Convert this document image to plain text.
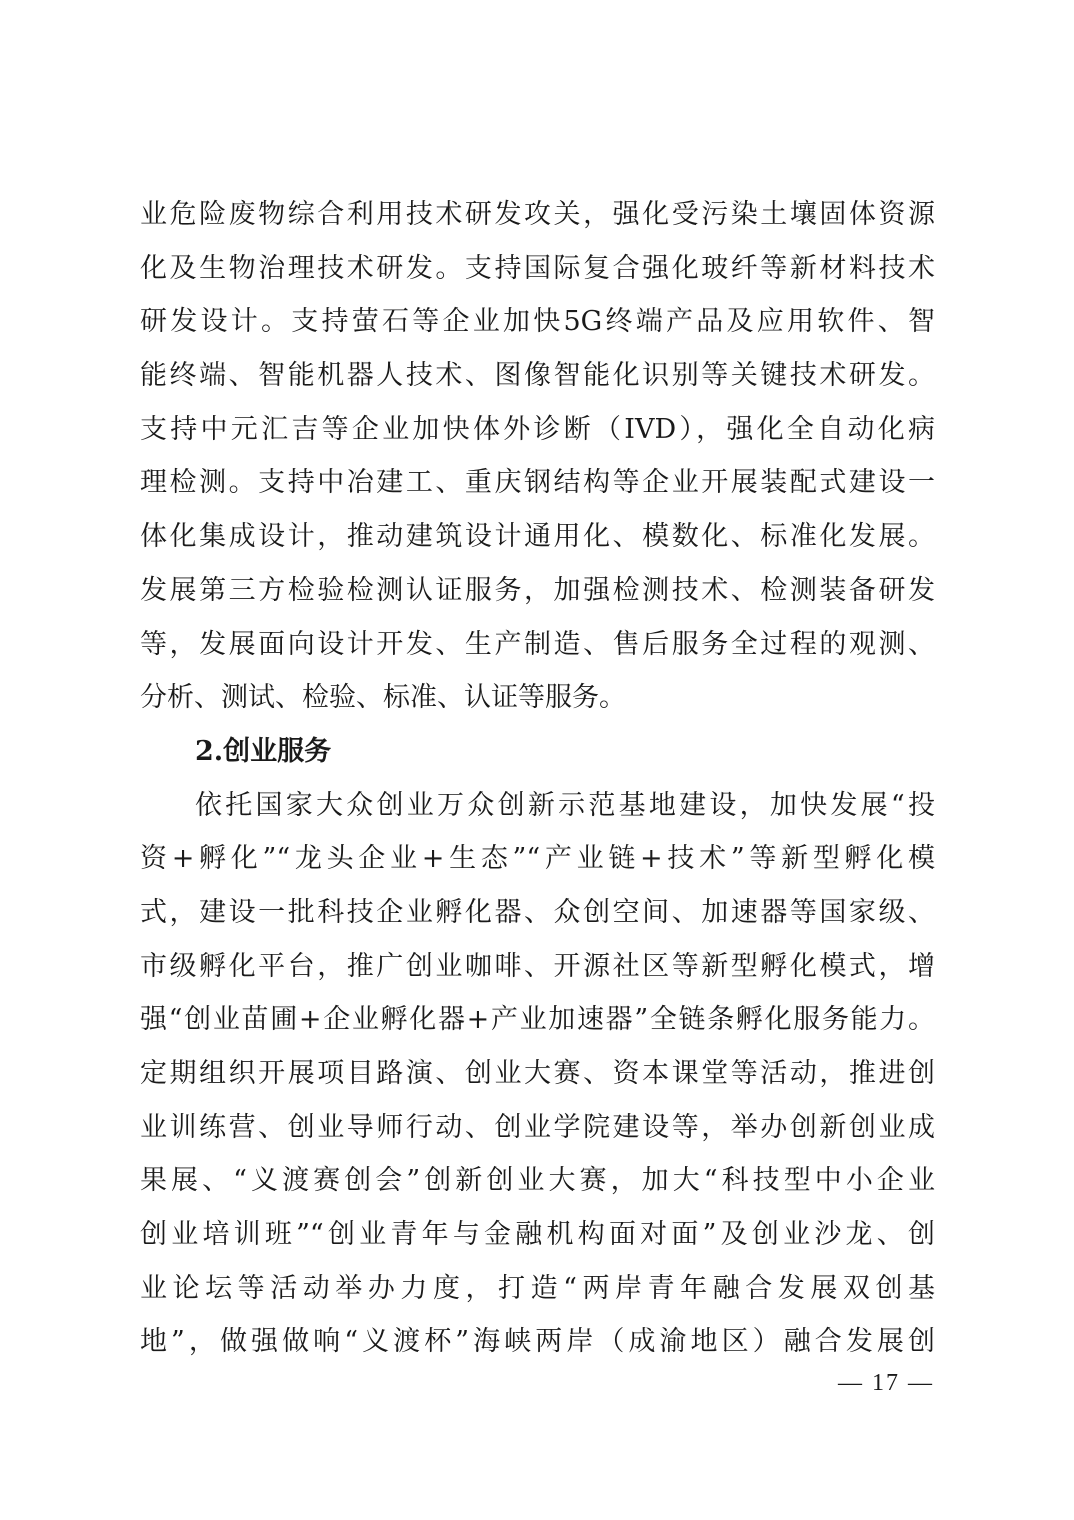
业危险废物综合利用技术研发攻关，强化受污染土壤固体资源
化及生物治理技术研发。支持国际复合强化玻纤等新材料技术
研发设计。支持萤石等企业加快5G终端产品及应用软件、智
能终端、智能机器人技术、图像智能化识别等关键技术研发。
支持中元汇吉等企业加快体外诊断（IVD），强化全自动化病
理检测。支持中冶建工、重庆钢结构等企业开展装配式建设一
体化集成设计，推动建筑设计通用化、模数化、标准化发展。
发展第三方检验检测认证服务，加强检测技术、检测装备研发
等，发展面向设计开发、生产制造、售后服务全过程的观测、
分析、测试、检验、标准、认证等服务。
2.创业服务
依托国家大众创业万众创新示范基地建设，加快发展“投
资+孵化”“龙头企业+生态”“产业链+技术”等新型孵化模
式，建设一批科技企业孵化器、众创空间、加速器等国家级、
市级孵化平台，推广创业咖啡、开源社区等新型孵化模式，增
强“创业苗圃+企业孵化器+产业加速器”全链条孵化服务能力。
定期组织开展项目路演、创业大赛、资本课堂等活动，推进创
业训练营、创业导师行动、创业学院建设等，举办创新创业成
果展、“义渡赛创会”创新创业大赛，加大“科技型中小企业
创业培训班”“创业青年与金融机构面对面”及创业沙龙、创
业论坛等活动举办力度，打造“两岸青年融合发展双创基
地”，做强做响“义渡杯”海峡两岸（成渝地区）融合发展创
— 17 —
